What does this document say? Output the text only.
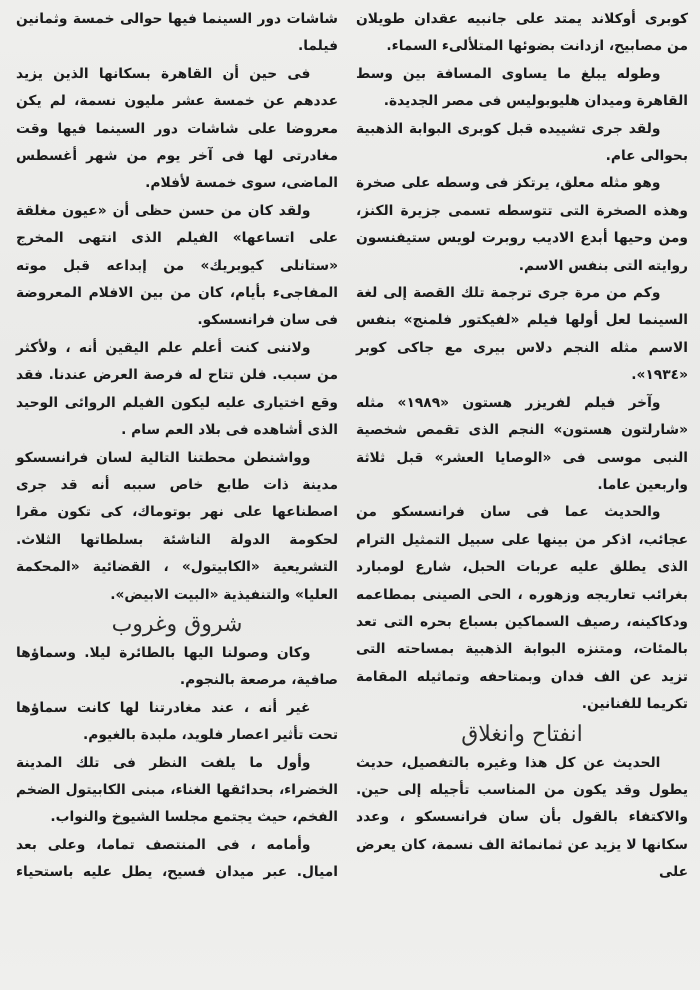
كوبرى أوكلاند يمتد على جانبيه عقدان طويلان من مصابيح، ازدانت بضوئها المتلألىء السماء.

وطوله يبلغ ما يساوى المسافة بين وسط القاهرة وميدان هليوبوليس فى مصر الجديدة.

ولقد جرى تشييده قبل كوبرى البوابة الذهبية بحوالى عام.

وهو مثله معلق، يرتكز فى وسطه على صخرة وهذه الصخرة التى تتوسطه تسمى جزيرة الكنز، ومن وحيها أبدع الاديب روبرت لويس ستيفنسون روايته التى بنفس الاسم.

وكم من مرة جرى ترجمة تلك القصة إلى لغة السينما لعل أولها فيلم «لفيكتور فلمنج» بنفس الاسم مثله النجم دلاس بيرى مع جاكى كوبر «١٩٣٤».

وآخر فيلم لفريزر هستون «١٩٨٩» مثله «شارلتون هستون» النجم الذى تقمص شخصية النبى موسى فى «الوصايا العشر» قبل ثلاثة واربعين عاما.

والحديث عما فى سان فرانسسكو من عجائب، اذكر من بينها على سبيل التمثيل الترام الذى يطلق عليه عربات الحبل، شارع لومبارد بغرائب تعاريجه وزهوره ، الحى الصينى بمطاعمه ودكاكينه، رصيف السماكين بسباع بحره التى تعد بالمئات، ومتنزه البوابة الذهبية بمساحته التى تزيد عن الف فدان وبمتاحفه وتماثيله المقامة تكريما للفنانين.

انفتاح وانغلاق

الحديث عن كل هذا وغيره بالتفصيل، حديث يطول وقد يكون من المناسب تأجيله إلى حين. والاكتفاء بالقول بأن سان فرانسسكو ، وعدد سكانها لا يزيد عن ثمانمائة الف نسمة، كان يعرض على

شاشات دور السينما فيها حوالى خمسة وثمانين فيلما.

فى حين أن القاهرة بسكانها الذين يزيد عددهم عن خمسة عشر مليون نسمة، لم يكن معروضا على شاشات دور السينما فيها وقت مغادرتى لها فى آخر يوم من شهر أغسطس الماضى، سوى خمسة لأفلام.

ولقد كان من حسن حظى أن «عيون مغلقة على اتساعها» الفيلم الذى انتهى المخرج «ستانلى كيوبريك» من إبداعه قبل موته المفاجىء بأيام، كان من بين الافلام المعروضة فى سان فرانسسكو.

ولاننى كنت أعلم علم اليقين أنه ، ولأكثر من سبب. فلن تتاح له فرصة العرض عندنا. فقد وقع اختيارى عليه ليكون الفيلم الروائى الوحيد الذى أشاهده فى بلاد العم سام .

وواشنطن محطتنا التالية لسان فرانسسكو مدينة ذات طابع خاص سببه أنه قد جرى اصطناعها على نهر بوتوماك، كى تكون مقرا لحكومة الدولة الناشئة بسلطاتها الثلاث. التشريعية «الكابيتول» ، القضائية «المحكمة العليا» والتنفيذية «البيت الابيض».

شروق وغروب

وكان وصولنا اليها بالطائرة ليلا. وسماؤها صافية، مرصعة بالنجوم.

غير أنه ، عند مغادرتنا لها كانت سماؤها تحت تأثير اعصار فلويد، ملبدة بالغيوم.

وأول ما يلفت النظر فى تلك المدينة الخضراء، بحدائقها الغناء، مبنى الكابيتول الضخم الفخم، حيث يجتمع مجلسا الشيوخ والنواب.

وأمامه ، فى المنتصف تماما، وعلى بعد اميال. عبر ميدان فسيح، يطل عليه باستحياء
